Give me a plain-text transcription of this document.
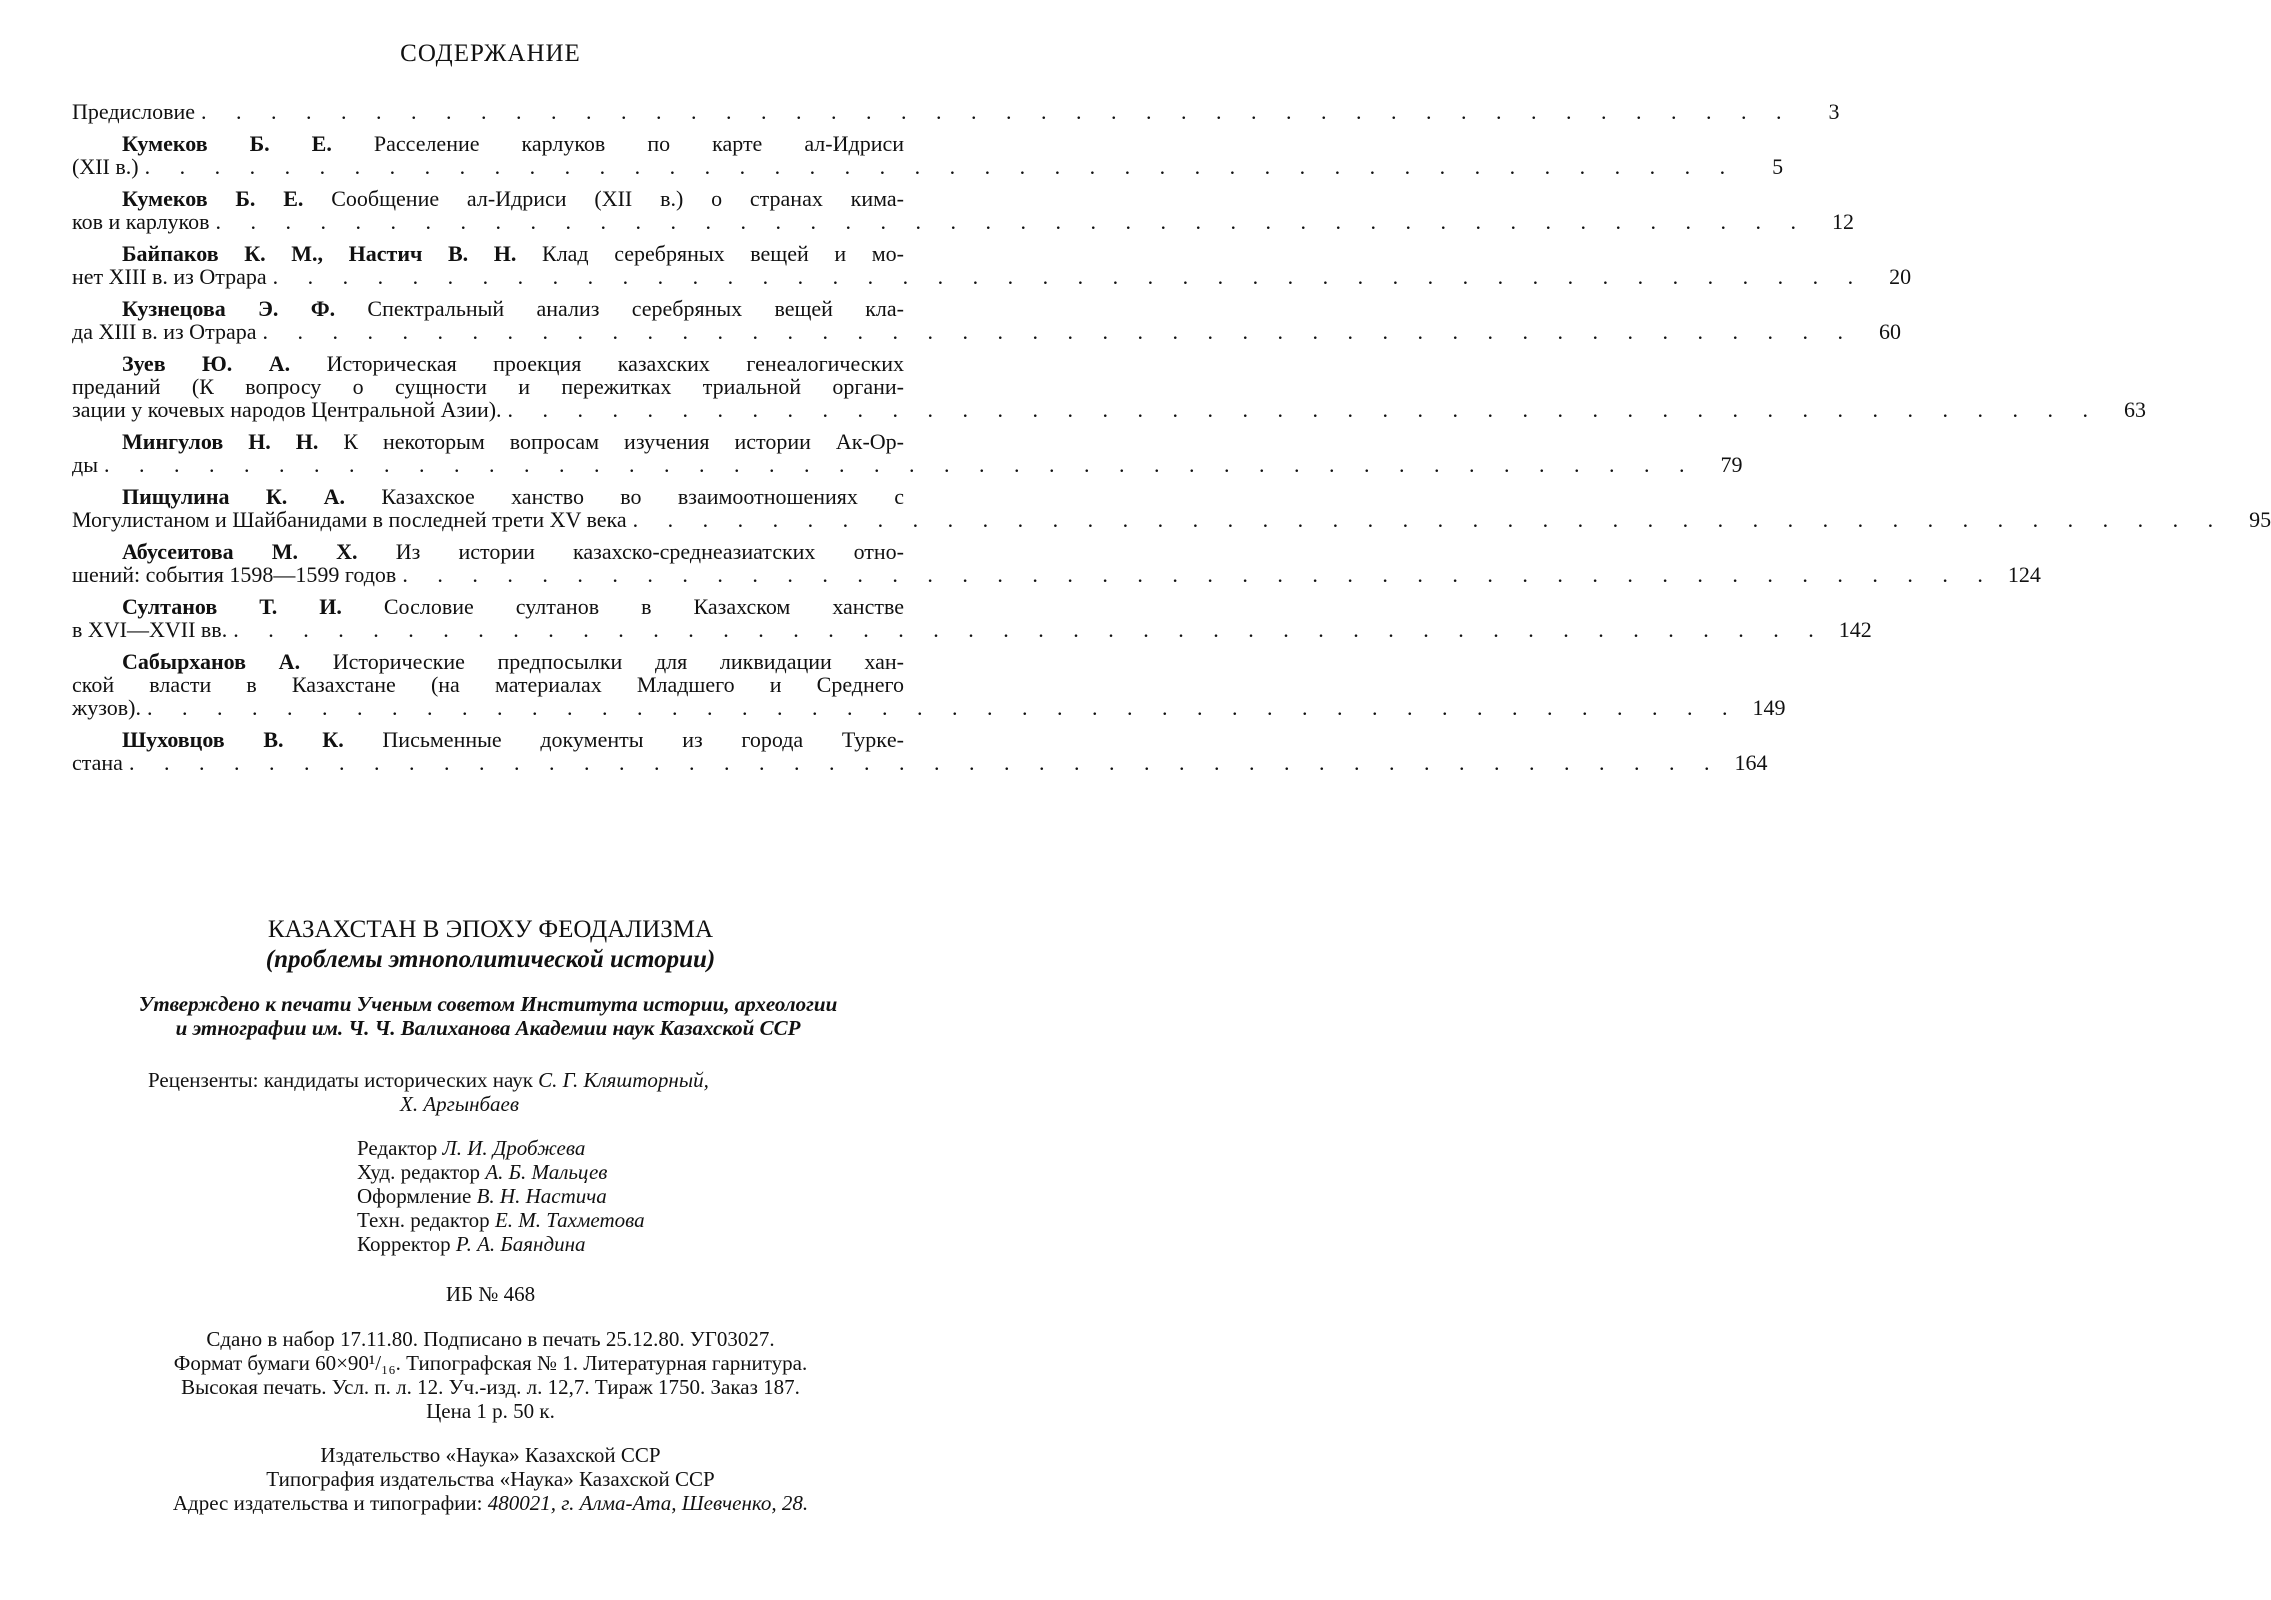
СОДЕРЖАНИЕ
Предисловие . . . . . . . . . . . . . . . . . . . . . . . . . . . . . . . . . . . . . . . . . . . . . .	3
Кумеков Б. Е. Расселение карлуков по карте ал-Идриси
(XII в.) . . . . . . . . . . . . . . . . . . . . . . . . . . . . . . . . . . . . . . . . . . . . . .	5
Кумеков Б. Е. Сообщение ал-Идриси (XII в.) о странах кима-
ков и карлуков . . . . . . . . . . . . . . . . . . . . . . . . . . . . . . . . . . . . . . . . . . . . . .	12
Байпаков К. М., Настич В. Н. Клад серебряных вещей и мо-
нет XIII в. из Отрара . . . . . . . . . . . . . . . . . . . . . . . . . . . . . . . . . . . . . . . . . . . . . .	20
Кузнецова Э. Ф. Спектральный анализ серебряных вещей кла-
да XIII в. из Отрара . . . . . . . . . . . . . . . . . . . . . . . . . . . . . . . . . . . . . . . . . . . . . .	60
Зуев Ю. А. Историческая проекция казахских генеалогических
преданий (К вопросу о сущности и пережитках триальной органи-
зации у кочевых народов Центральной Азии). . . . . . . . . . . . . . . . . . . . . . . . . . . . . . . . . . . . . . . . . . . . . . .	63
Мингулов Н. Н. К некоторым вопросам изучения истории Ак-Ор-
ды . . . . . . . . . . . . . . . . . . . . . . . . . . . . . . . . . . . . . . . . . . . . . .	79
Пищулина К. А. Казахское ханство во взаимоотношениях с
Могулистаном и Шайбанидами в последней трети XV века . . . . . . . . . . . . . . . . . . . . . . . . . . . . . . . . . . . . . . . . . . . . . .	95
Абусеитова М. Х. Из истории казахско-среднеазиатских отно-
шений: события 1598—1599 годов . . . . . . . . . . . . . . . . . . . . . . . . . . . . . . . . . . . . . . . . . . . . . . 124
Султанов Т. И. Сословие султанов в Казахском ханстве
в XVI—XVII вв. . . . . . . . . . . . . . . . . . . . . . . . . . . . . . . . . . . . . . . . . . . . . . . 142
Сабырханов А. Исторические предпосылки для ликвидации хан-
ской власти в Казахстане (на материалах Младшего и Среднего
жузов). . . . . . . . . . . . . . . . . . . . . . . . . . . . . . . . . . . . . . . . . . . . . . . 149
Шуховцов В. К. Письменные документы из города Туркe-
стана . . . . . . . . . . . . . . . . . . . . . . . . . . . . . . . . . . . . . . . . . . . . . . 164
КАЗАХСТАН В ЭПОХУ ФЕОДАЛИЗМА
(проблемы этнополитической истории)
Утверждено к печати Ученым советом Института истории, археологии
и этнографии им. Ч. Ч. Валиханова Академии наук Казахской ССР
Рецензенты: кандидаты исторических наук С. Г. Кляшторный,
Х. Аргынбаев
Редактор Л. И. Дробжева
Худ. редактор А. Б. Мальцев
Оформление В. Н. Настича
Техн. редактор Е. М. Тахметова
Корректор Р. А. Баяндина
ИБ № 468
Сдано в набор 17.11.80. Подписано в печать 25.12.80. УГ03027.
Формат бумаги 60×90¹/₁₆. Типографская № 1. Литературная гарнитура.
Высокая печать. Усл. п. л. 12. Уч.-изд. л. 12,7. Тираж 1750. Заказ 187.
Цена 1 р. 50 к.
Издательство «Наука» Казахской ССР
Типография издательства «Наука» Казахской ССР
Адрес издательства и типографии: 480021, г. Алма-Ата, Шевченко, 28.
